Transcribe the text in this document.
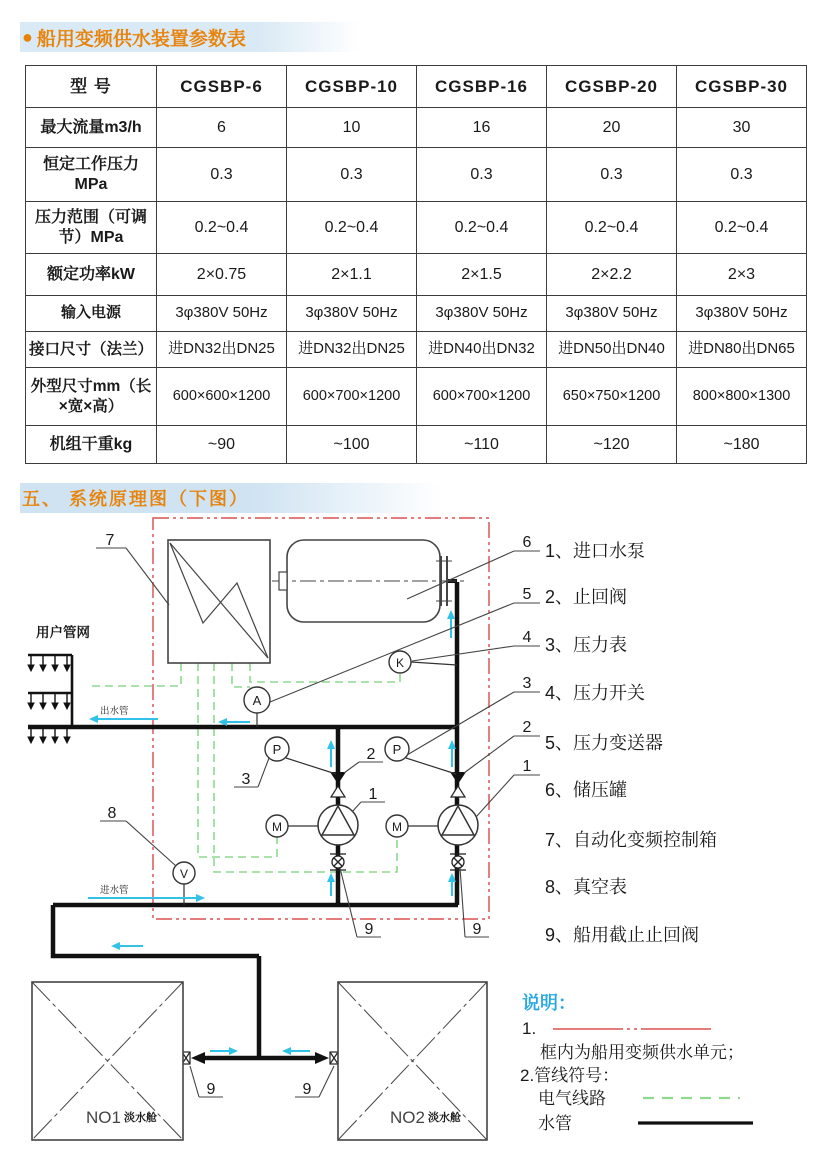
● 船用变频供水装置参数表
型 号	CGSBP-6	CGSBP-10	CGSBP-16	CGSBP-20	CGSBP-30
最大流量m3/h	6	10	16	20	30
恒定工作压力 MPa	0.3	0.3	0.3	0.3	0.3
压力范围（可调节）MPa	0.2~0.4	0.2~0.4	0.2~0.4	0.2~0.4	0.2~0.4
额定功率kW	2×0.75	2×1.1	2×1.5	2×2.2	2×3
输入电源	3φ380V 50Hz	3φ380V 50Hz	3φ380V 50Hz	3φ380V 50Hz	3φ380V 50Hz
接口尺寸（法兰）	进DN32出DN25	进DN32出DN25	进DN40出DN32	进DN50出DN40	进DN80出DN65
外型尺寸mm（长×宽×高）	600×600×1200	600×700×1200	600×700×1200	650×750×1200	800×800×1300
机组干重kg	~90	~100	~110	~120	~180
五、 系统原理图（下图）
用户管网
A
K
P	P
M	M
V
出水管
进水管
NO1 淡水舱	NO2 淡水舱
7
8
3
2
1
9	9
9	9
6
5
4
3
2
1
1、进口水泵
2、止回阀
3、压力表
4、压力开关
5、压力变送器
6、储压罐
7、自动化变频控制箱
8、真空表
9、船用截止止回阀
说明：
1.
框内为船用变频供水单元；
2.管线符号：
电气线路
水管
